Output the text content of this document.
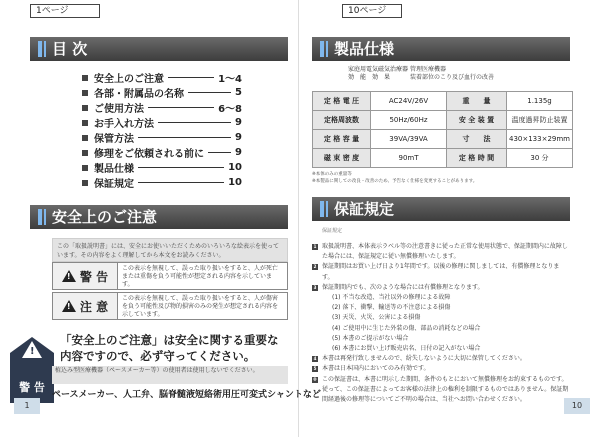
1ページ
目 次
安全上のご注意	1～4
各部・附属品の名称	5
ご使用方法	6～8
お手入れ方法	9
保管方法	9
修理をご依頼される前に	9
製品仕様	10
保証規定	10
安全上のご注意
この「取扱説明書」には、安全にお使いいただくためのいろいろな絵表示を使っています。その内容をよく理解してから本文をお読みください。
!
警 告
この表示を無視して、誤った取り扱いをすると、人が死亡または重傷を負う可能性が想定される内容を示しています。
!
注 意
この表示を無視して、誤った取り扱いをすると、人が傷害を負う可能性及び物的損害のみの発生が想定される内容を示しています。
!
警 告
「安全上のご注意」は安全に関する重要な
内容ですので、必ず守ってください。
植込み型医療機器（ペースメーカー等）の使用者は使用しないでください。
ペースメーカー、人工弁、脳脊髄液短絡術用圧可変式シャントなど
1
10ページ
製品仕様
家庭用電気磁気治療器
効　能　効　果
管理医療機器
装着部位のこり及び血行の改善
定 格 電 圧	AC24V/26V	重　　量	1.135g
定格周波数	50Hz/60Hz	安 全 装 置	温度過昇防止装置
定 格 容 量	39VA/39VA	寸　　法	430×133×29mm
磁 束 密 度	90mT	定 格 時 間	30 分
※本体のみの重量等
※本製品に関しての改良・改善のため、予告なく仕様を変更することがあります。
保証規定
保証規定
1 取扱説明書、本体表示ラベル等の注意書きに従った正常な使用状態で、保証期間内に故障した場合には、保証規定に従い無償修理いたします。
2 保証期間はお買い上げ日より1年間です。以後の修理に関しましては、有償修理となります。
3 保証期間内でも、次のような場合には有償修理となります。
(1) 不当な改造、当社以外の修理による故障
(2) 落下、衝撃、輸送等の不注意による損傷
(3) 天災、火災、公害による損傷
(4) ご使用中に生じた外装の傷、部品の消耗などの場合
(5) 本書のご提示がない場合
(6) 本書にお買い上げ販売店名、日付の記入がない場合
4 本書は再発行致しませんので、紛失しないように大切に保管してください。
5 本書は日本国内においてのみ有効です。
※ この保証書は、本書に明示した期間、条件のもとにおいて無償修理をお約束するものです。従って、この保証書によってお客様の法律上の権利を制限するものではありません。保証期間経過後の修理等についてご不明の場合は、当社へお問い合わせください。
10
